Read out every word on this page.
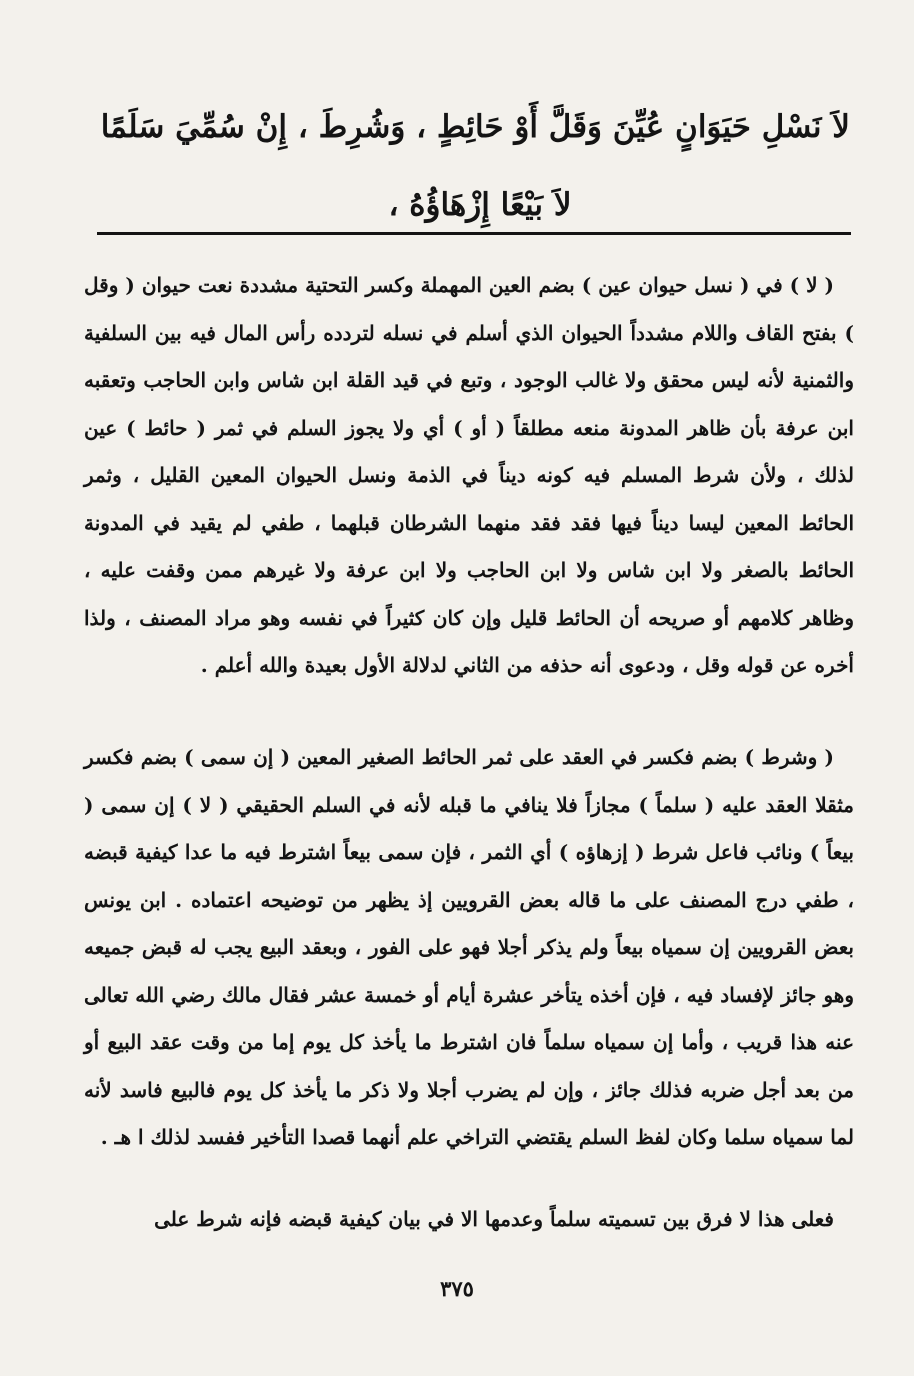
لاَ نَسْلِ حَيَوَانٍ عُيِّنَ وَقَلَّ أَوْ حَائِطٍ ، وَشُرِطَ ، إِنْ سُمِّيَ سَلَمًا
لاَ بَيْعًا إِزْهَاؤُهُ ،
( لا ) في ( نسل حيوان عين ) بضم العين المهملة وكسر التحتية مشددة نعت حيوان ( وقل ) بفتح القاف واللام مشدداً الحيوان الذي أسلم في نسله لتردده رأس المال فيه بين السلفية والثمنية لأنه ليس محقق ولا غالب الوجود ، وتبع في قيد القلة ابن شاس وابن الحاجب وتعقبه ابن عرفة بأن ظاهر المدونة منعه مطلقاً ( أو ) أي ولا يجوز السلم في ثمر ( حائط ) عين لذلك ، ولأن شرط المسلم فيه كونه ديناً في الذمة ونسل الحيوان المعين القليل ، وثمر الحائط المعين ليسا ديناً فيها فقد فقد منهما الشرطان قبلهما ، طفي لم يقيد في المدونة الحائط بالصغر ولا ابن شاس ولا ابن الحاجب ولا ابن عرفة ولا غيرهم ممن وقفت عليه ، وظاهر كلامهم أو صريحه أن الحائط قليل وإن كان كثيراً في نفسه وهو مراد المصنف ، ولذا أخره عن قوله وقل ، ودعوى أنه حذفه من الثاني لدلالة الأول بعيدة والله أعلم .
( وشرط ) بضم فكسر في العقد على ثمر الحائط الصغير المعين ( إن سمى ) بضم فكسر مثقلا العقد عليه ( سلماً ) مجازاً فلا ينافي ما قبله لأنه في السلم الحقيقي ( لا ) إن سمى ( بيعاً ) ونائب فاعل شرط ( إزهاؤه ) أي الثمر ، فإن سمى بيعاً اشترط فيه ما عدا كيفية قبضه ، طفي درج المصنف على ما قاله بعض القرويين إذ يظهر من توضيحه اعتماده . ابن يونس بعض القرويين إن سمياه بيعاً ولم يذكر أجلا فهو على الفور ، وبعقد البيع يجب له قبض جميعه وهو جائز لإفساد فيه ، فإن أخذه يتأخر عشرة أيام أو خمسة عشر فقال مالك رضي الله تعالى عنه هذا قريب ، وأما إن سمياه سلماً فان اشترط ما يأخذ كل يوم إما من وقت عقد البيع أو من بعد أجل ضربه فذلك جائز ، وإن لم يضرب أجلا ولا ذكر ما يأخذ كل يوم فالبيع فاسد لأنه لما سمياه سلما وكان لفظ السلم يقتضي التراخي علم أنهما قصدا التأخير ففسد لذلك ا هـ .
فعلى هذا لا فرق بين تسميته سلماً وعدمها الا في بيان كيفية قبضه فإنه شرط على
٣٧٥
